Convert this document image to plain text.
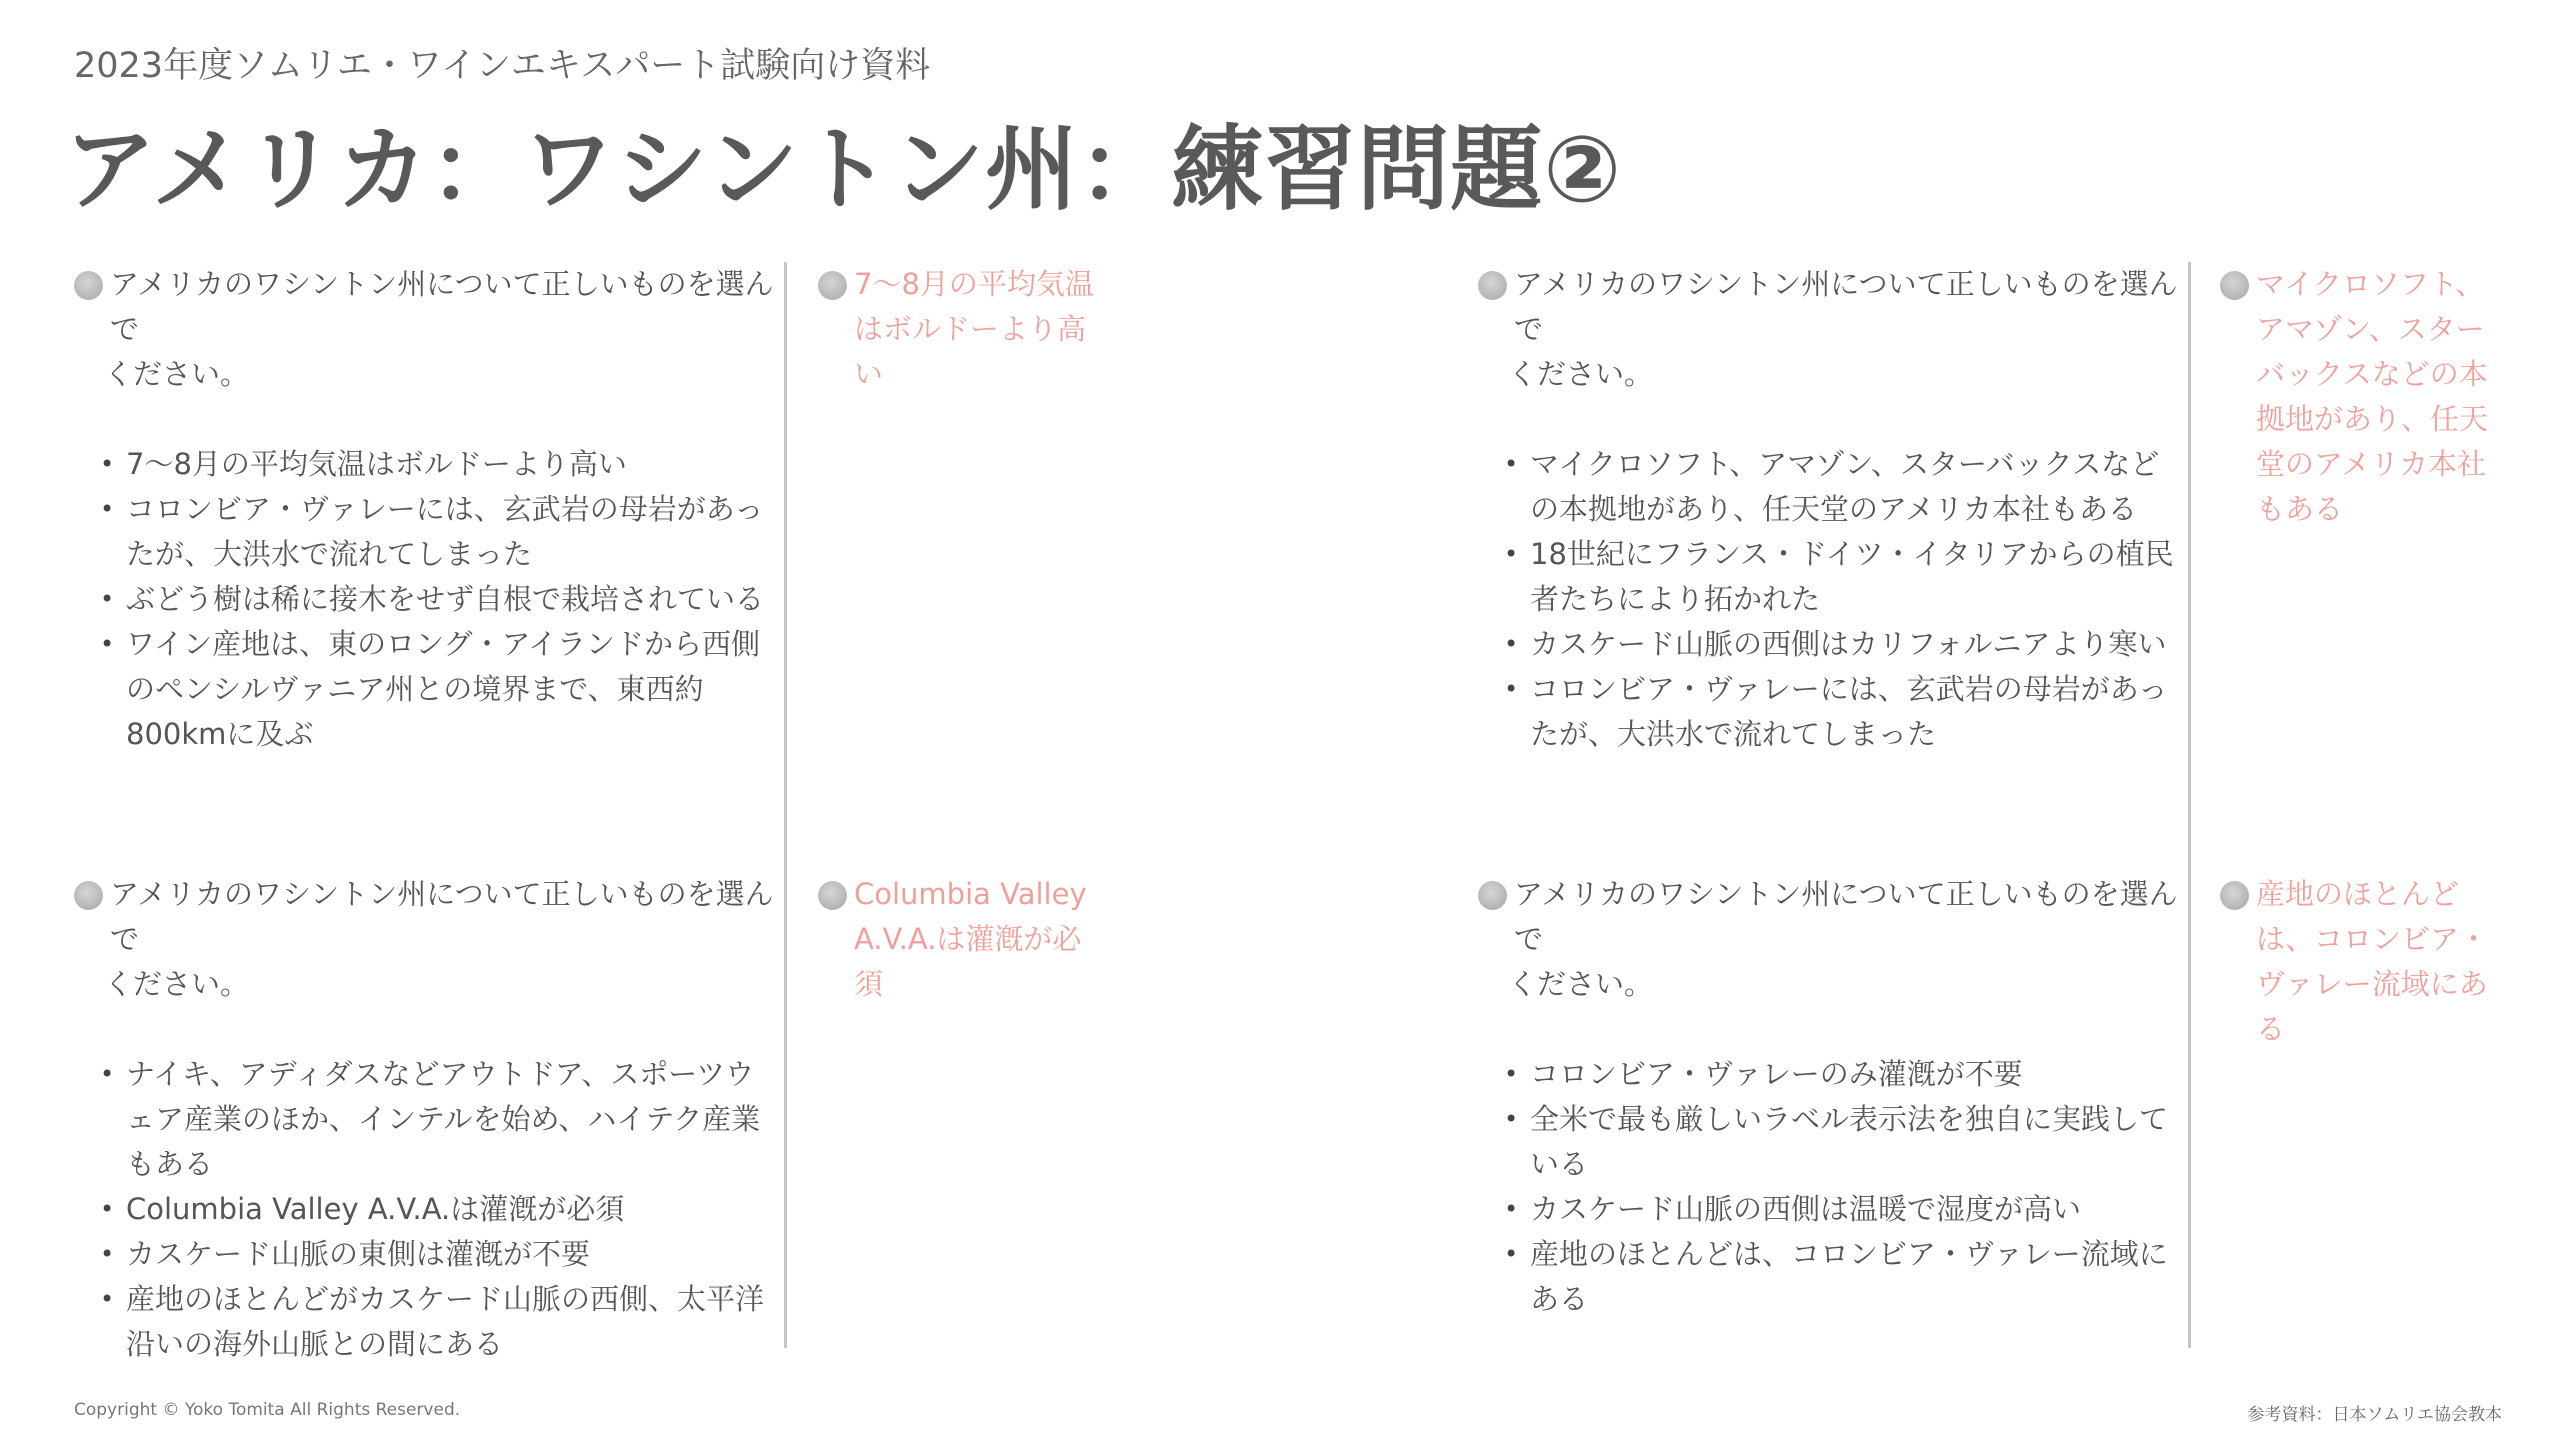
2023年度ソムリエ・ワインエキスパート試験向け資料
アメリカ：ワシントン州：練習問題②
アメリカのワシントン州について正しいものを選んで
ください。
• 7〜8月の平均気温はボルドーより高い
• コロンビア・ヴァレーには、玄武岩の母岩があったが、大洪水で流れてしまった
• ぶどう樹は稀に接木をせず自根で栽培されている
• ワイン産地は、東のロング・アイランドから西側のペンシルヴァニア州との境界まで、東西約800kmに及ぶ
7〜8月の平均気温はボルドーより高い
アメリカのワシントン州について正しいものを選んで
ください。
• マイクロソフト、アマゾン、スターバックスなどの本拠地があり、任天堂のアメリカ本社もある
• 18世紀にフランス・ドイツ・イタリアからの植民者たちにより拓かれた
• カスケード山脈の西側はカリフォルニアより寒い
• コロンビア・ヴァレーには、玄武岩の母岩があったが、大洪水で流れてしまった
マイクロソフト、アマゾン、スターバックスなどの本拠地があり、任天堂のアメリカ本社もある
アメリカのワシントン州について正しいものを選んで
ください。
• ナイキ、アディダスなどアウトドア、スポーツウェア産業のほか、インテルを始め、ハイテク産業もある
• Columbia Valley A.V.A.は灌漑が必須
• カスケード山脈の東側は灌漑が不要
• 産地のほとんどがカスケード山脈の西側、太平洋沿いの海外山脈との間にある
Columbia Valley A.V.A.は灌漑が必須
アメリカのワシントン州について正しいものを選んで
ください。
• コロンビア・ヴァレーのみ灌漑が不要
• 全米で最も厳しいラベル表示法を独自に実践している
• カスケード山脈の西側は温暖で湿度が高い
• 産地のほとんどは、コロンビア・ヴァレー流域にある
産地のほとんどは、コロンビア・ヴァレー流域にある
Copyright © Yoko Tomita All Rights Reserved.	参考資料：日本ソムリエ協会教本
